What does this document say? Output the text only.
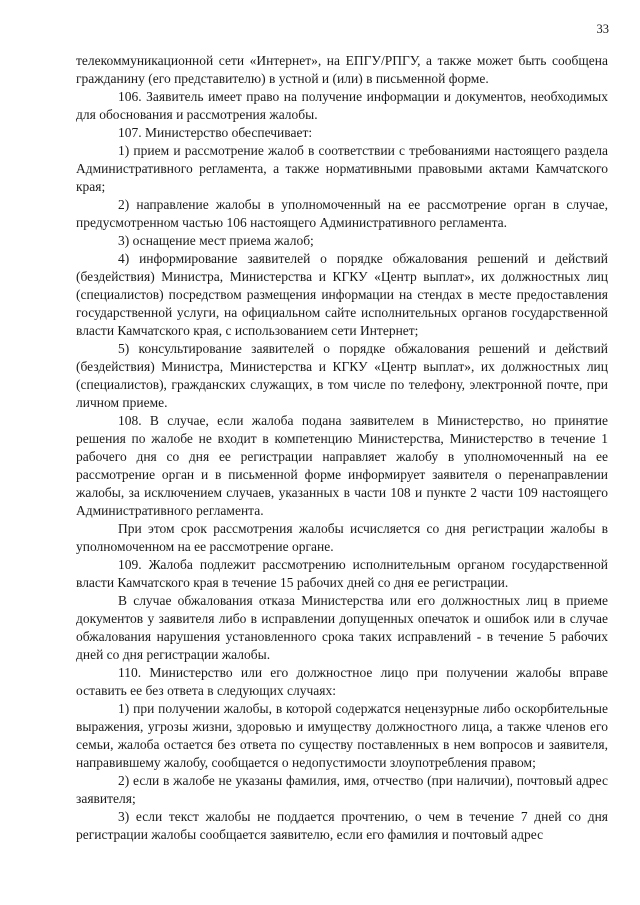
33

телекоммуникационной сети «Интернет», на ЕПГУ/РПГУ, а также может быть сообщена гражданину (его представителю) в устной и (или) в письменной форме.

106. Заявитель имеет право на получение информации и документов, необходимых для обоснования и рассмотрения жалобы.

107. Министерство обеспечивает:

1) прием и рассмотрение жалоб в соответствии с требованиями настоящего раздела Административного регламента, а также нормативными правовыми актами Камчатского края;

2) направление жалобы в уполномоченный на ее рассмотрение орган в случае, предусмотренном частью 106 настоящего Административного регламента.

3) оснащение мест приема жалоб;

4) информирование заявителей о порядке обжалования решений и действий (бездействия) Министра, Министерства и КГКУ «Центр выплат», их должностных лиц (специалистов) посредством размещения информации на стендах в месте предоставления государственной услуги, на официальном сайте исполнительных органов государственной власти Камчатского края, с использованием сети Интернет;

5) консультирование заявителей о порядке обжалования решений и действий (бездействия) Министра, Министерства и КГКУ «Центр выплат», их должностных лиц (специалистов), гражданских служащих, в том числе по телефону, электронной почте, при личном приеме.

108. В случае, если жалоба подана заявителем в Министерство, но принятие решения по жалобе не входит в компетенцию Министерства, Министерство в течение 1 рабочего дня со дня ее регистрации направляет жалобу в уполномоченный на ее рассмотрение орган и в письменной форме информирует заявителя о перенаправлении жалобы, за исключением случаев, указанных в части 108 и пункте 2 части 109 настоящего Административного регламента.

При этом срок рассмотрения жалобы исчисляется со дня регистрации жалобы в уполномоченном на ее рассмотрение органе.

109. Жалоба подлежит рассмотрению исполнительным органом государственной власти Камчатского края в течение 15 рабочих дней со дня ее регистрации.

В случае обжалования отказа Министерства или его должностных лиц в приеме документов у заявителя либо в исправлении допущенных опечаток и ошибок или в случае обжалования нарушения установленного срока таких исправлений - в течение 5 рабочих дней со дня регистрации жалобы.

110. Министерство или его должностное лицо при получении жалобы вправе оставить ее без ответа в следующих случаях:

1) при получении жалобы, в которой содержатся нецензурные либо оскорбительные выражения, угрозы жизни, здоровью и имуществу должностного лица, а также членов его семьи, жалоба остается без ответа по существу поставленных в нем вопросов и заявителя, направившему жалобу, сообщается о недопустимости злоупотребления правом;

2) если в жалобе не указаны фамилия, имя, отчество (при наличии), почтовый адрес заявителя;

3) если текст жалобы не поддается прочтению, о чем в течение 7 дней со дня регистрации жалобы сообщается заявителю, если его фамилия и почтовый адрес
